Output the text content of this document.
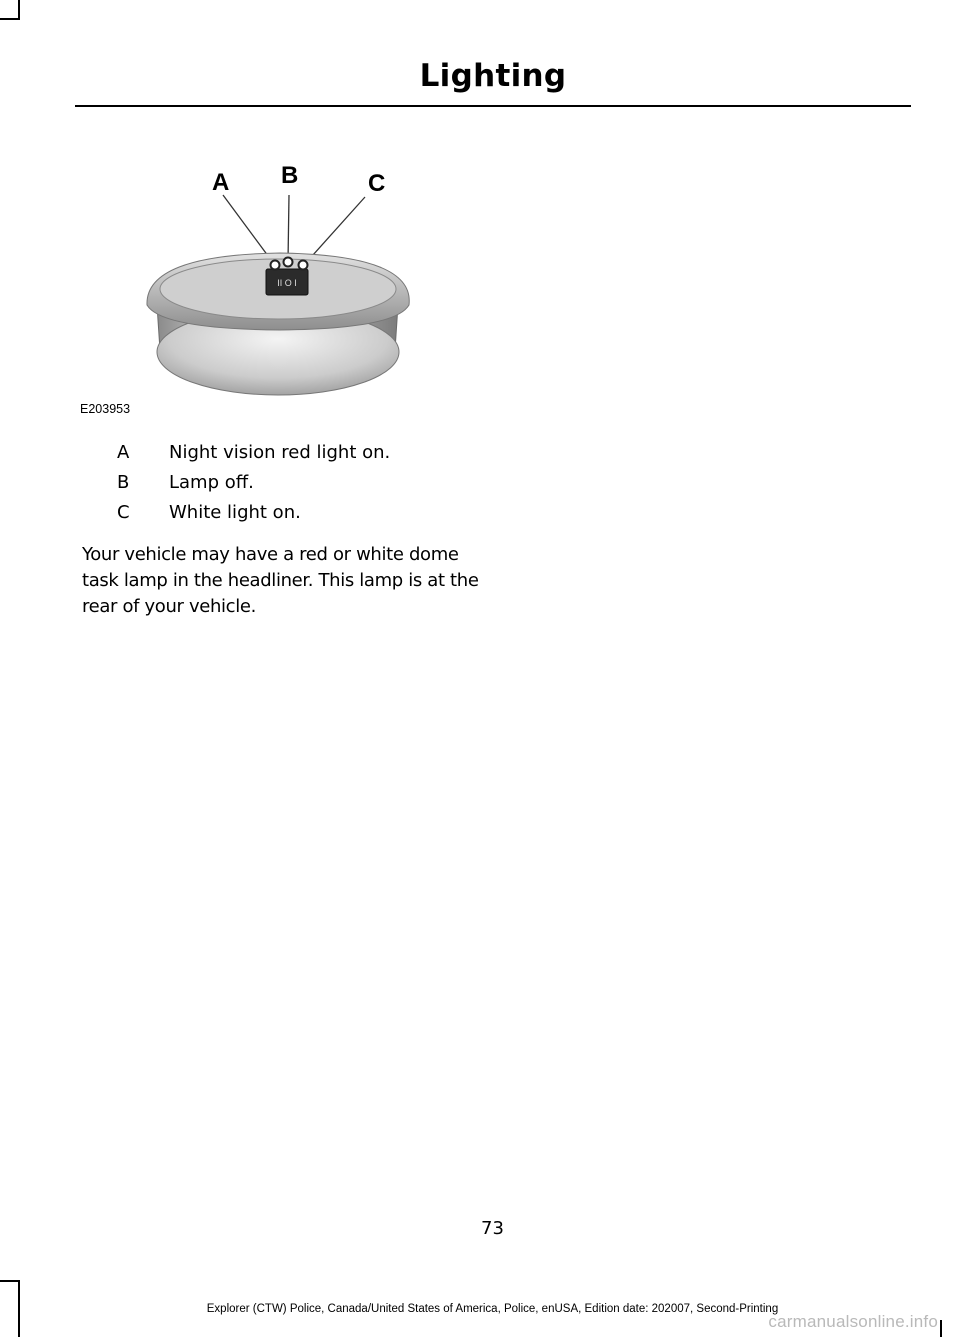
Lighting
A B	C
II O I
E203953
A Night vision red light on.
B Lamp off.
C White light on.
Your vehicle may have a red or white dome task lamp in the headliner. This lamp is at the rear of your vehicle.
73
Explorer (CTW) Police, Canada/United States of America, Police, enUSA, Edition date: 202007, Second-Printing
carmanualsonline.info
